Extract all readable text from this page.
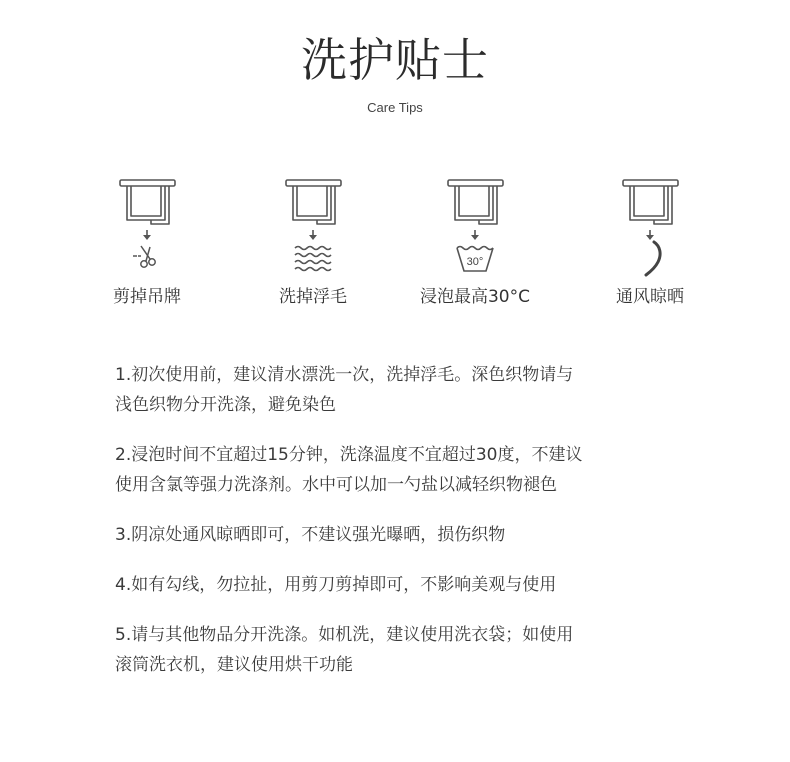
洗护贴士
Care Tips
剪掉吊牌	洗掉浮毛
30°
浸泡最高30°C	通风晾晒
1.初次使用前，建议清水漂洗一次，洗掉浮毛。深色织物请与
浅色织物分开洗涤，避免染色
2.浸泡时间不宜超过15分钟，洗涤温度不宜超过30度，不建议
使用含氯等强力洗涤剂。水中可以加一勺盐以减轻织物褪色
3.阴凉处通风晾晒即可，不建议强光曝晒，损伤织物
4.如有勾线，勿拉扯，用剪刀剪掉即可，不影响美观与使用
5.请与其他物品分开洗涤。如机洗，建议使用洗衣袋；如使用
滚筒洗衣机，建议使用烘干功能
